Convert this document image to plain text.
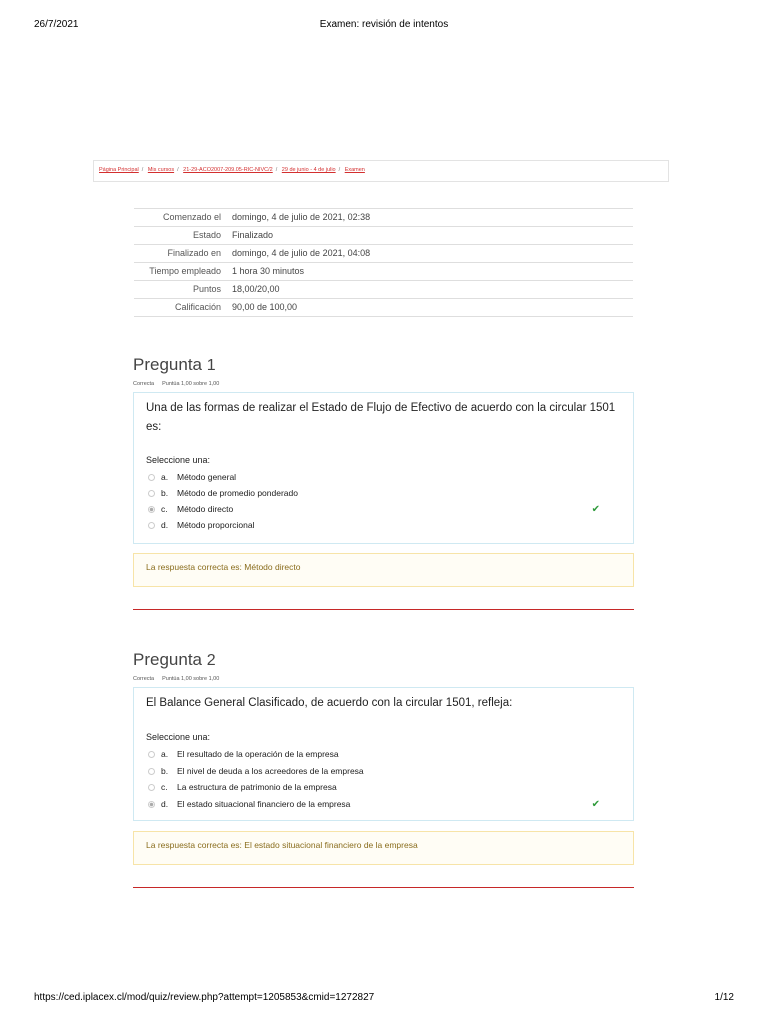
26/7/2021	Examen: revisión de intentos
Página Principal / Mis cursos / 21-29-ACO2007-209.05-RIC-NIVC/2 / 29 de junio - 4 de julio / Examen
Comenzado el	domingo, 4 de julio de 2021, 02:38
Estado	Finalizado
Finalizado en	domingo, 4 de julio de 2021, 04:08
Tiempo empleado	1 hora 30 minutos
Puntos	18,00/20,00
Calificación	90,00 de 100,00
Pregunta 1
Correcta Puntúa 1,00 sobre 1,00
Una de las formas de realizar el Estado de Flujo de Efectivo de acuerdo con la circular 1501 es:
Seleccione una:
a.	Método general
b.	Método de promedio ponderado
c.	Método directo	✔
d.	Método proporcional
La respuesta correcta es: Método directo
Pregunta 2
Correcta Puntúa 1,00 sobre 1,00
El Balance General Clasificado, de acuerdo con la circular 1501, refleja:
Seleccione una:
a.	El resultado de la operación de la empresa
b.	El nivel de deuda a los acreedores de la empresa
c.	La estructura de patrimonio de la empresa
d.	El estado situacional financiero de la empresa	✔
La respuesta correcta es: El estado situacional financiero de la empresa
https://ced.iplacex.cl/mod/quiz/review.php?attempt=1205853&cmid=1272827	1/12
